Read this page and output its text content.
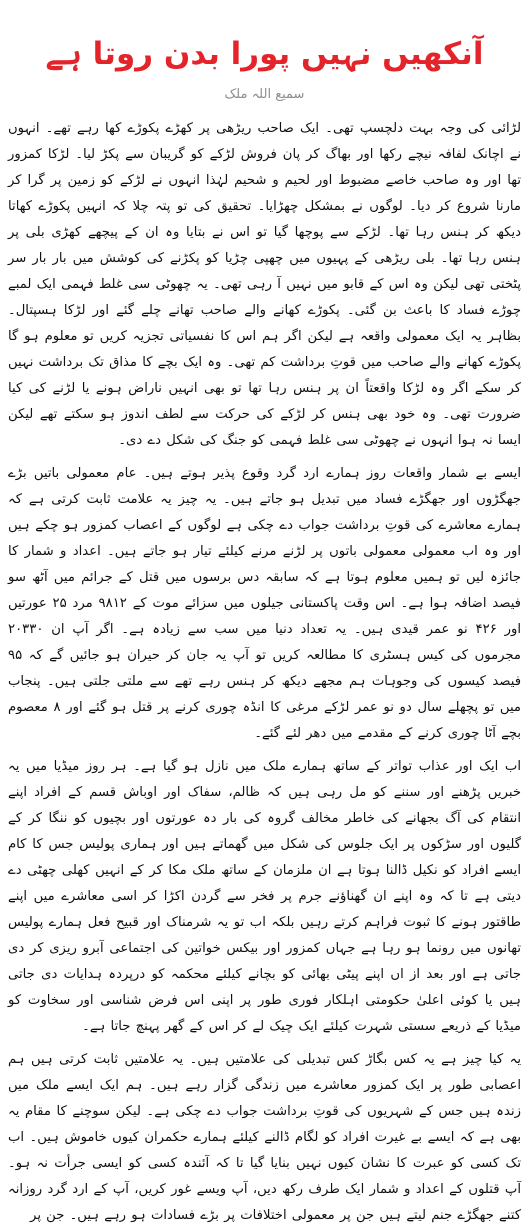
آنکھیں نہیں پورا بدن روتا ہے
سمیع اللہ ملک

لڑائی کی وجہ بہت دلچسپ تھی۔ ایک صاحب ریڑھی پر کھڑے پکوڑے کھا رہے تھے۔ انہوں نے اچانک لفافہ نیچے رکھا اور بھاگ کر پان فروش لڑکے کو گریبان سے پکڑ لیا۔ لڑکا کمزور تھا اور وہ صاحب خاصے مضبوط اور لحیم و شحیم لہٰذا انہوں نے لڑکے کو زمین پر گرا کر مارنا شروع کر دیا۔ لوگوں نے بمشکل چھڑایا۔ تحقیق کی تو پتہ چلا کہ انہیں پکوڑے کھاتا دیکھ کر ہنس رہا تھا۔ لڑکے سے پوچھا گیا تو اس نے بتایا وہ ان کے پیچھے کھڑی بلی پر ہنس رہا تھا۔ بلی ریڑھی کے پہیوں میں چھپی چڑیا کو پکڑنے کی کوشش میں بار بار سر پٹختی تھی لیکن وہ اس کے قابو میں نہیں آ رہی تھی۔ یہ چھوٹی سی غلط فہمی ایک لمبے چوڑے فساد کا باعث بن گئی۔ پکوڑے کھانے والے صاحب تھانے چلے گئے اور لڑکا ہسپتال۔ بظاہر یہ ایک معمولی واقعہ ہے لیکن اگر ہم اس کا نفسیاتی تجزیہ کریں تو معلوم ہو گا پکوڑے کھانے والے صاحب میں قوتِ برداشت کم تھی۔ وہ ایک بچے کا مذاق تک برداشت نہیں کر سکے اگر وہ لڑکا واقعتاً ان پر ہنس رہا تھا تو بھی انہیں ناراض ہونے یا لڑنے کی کیا ضرورت تھی۔ وہ خود بھی ہنس کر لڑکے کی حرکت سے لطف اندوز ہو سکتے تھے لیکن ایسا نہ ہوا انہوں نے چھوٹی سی غلط فہمی کو جنگ کی شکل دے دی۔

ایسے بے شمار واقعات روز ہمارے ارد گرد وقوع پذیر ہوتے ہیں۔ عام معمولی باتیں بڑے جھگڑوں اور جھگڑے فساد میں تبدیل ہو جاتے ہیں۔ یہ چیز یہ علامت ثابت کرتی ہے کہ ہمارے معاشرے کی قوتِ برداشت جواب دے چکی ہے لوگوں کے اعصاب کمزور ہو چکے ہیں اور وہ اب معمولی معمولی باتوں پر لڑنے مرنے کیلئے تیار ہو جاتے ہیں۔ اعداد و شمار کا جائزہ لیں تو ہمیں معلوم ہوتا ہے کہ سابقہ دس برسوں میں قتل کے جرائم میں آٹھ سو فیصد اضافہ ہوا ہے۔ اس وقت پاکستانی جیلوں میں سزائے موت کے ۹۸۱۲ مرد ۲۵ عورتیں اور ۴۲۶ نو عمر قیدی ہیں۔ یہ تعداد دنیا میں سب سے زیادہ ہے۔ اگر آپ ان ۲۰۳۳۰ مجرموں کی کیس ہسٹری کا مطالعہ کریں تو آپ یہ جان کر حیران ہو جائیں گے کہ ۹۵ فیصد کیسوں کی وجوہات ہم مجھے دیکھ کر ہنس رہے تھے سے ملتی جلتی ہیں۔ پنجاب میں تو پچھلے سال دو نو عمر لڑکے مرغی کا انڈہ چوری کرنے پر قتل ہو گئے اور ۸ معصوم بچے آٹا چوری کرنے کے مقدمے میں دھر لئے گئے۔

اب ایک اور عذاب تواتر کے ساتھ ہمارے ملک میں نازل ہو گیا ہے۔ ہر روز میڈیا میں یہ خبریں پڑھنے اور سننے کو مل رہی ہیں کہ ظالم، سفاک اور اوباش قسم کے افراد اپنے انتقام کی آگ بجھانے کی خاطر مخالف گروہ کی بار دہ عورتوں اور بچیوں کو ننگا کر کے گلیوں اور سڑکوں پر ایک جلوس کی شکل میں گھماتے ہیں اور ہماری پولیس جس کا کام ایسے افراد کو نکیل ڈالنا ہوتا ہے ان ملزمان کے ساتھ ملک مکا کر کے انہیں کھلی چھٹی دے دیتی ہے تا کہ وہ اپنے ان گھناؤنے جرم پر فخر سے گردن اکڑا کر اسی معاشرے میں اپنے طاقتور ہونے کا ثبوت فراہم کرتے رہیں بلکہ اب تو یہ شرمناک اور قبیح فعل ہمارے پولیس تھانوں میں رونما ہو رہا ہے جہاں کمزور اور بیکس خواتین کی اجتماعی آبرو ریزی کر دی جاتی ہے اور بعد از اں اپنے پیٹی بھائی کو بچانے کیلئے محکمہ کو درپردہ ہدایات دی جاتی ہیں یا کوئی اعلیٰ حکومتی اہلکار فوری طور پر اپنی اس فرض شناسی اور سخاوت کو میڈیا کے ذریعے سستی شہرت کیلئے ایک چیک لے کر اس کے گھر پہنچ جاتا ہے۔

یہ کیا چیز ہے یہ کس بگاڑ کس تبدیلی کی علامتیں ہیں۔ یہ علامتیں ثابت کرتی ہیں ہم اعصابی طور پر ایک کمزور معاشرے میں زندگی گزار رہے ہیں۔ ہم ایک ایسے ملک میں زندہ ہیں جس کے شہریوں کی قوتِ برداشت جواب دے چکی ہے۔ لیکن سوچنے کا مقام یہ بھی ہے کہ ایسے بے غیرت افراد کو لگام ڈالنے کیلئے ہمارے حکمران کیوں خاموش ہیں۔ اب تک کسی کو عبرت کا نشان کیوں نہیں بنایا گیا تا کہ آئندہ کسی کو ایسی جرأت نہ ہو۔ آپ قتلوں کے اعداد و شمار ایک طرف رکھ دیں، آپ ویسے غور کریں، آپ کے ارد گرد روزانہ کتنے جھگڑے جنم لیتے ہیں جن پر معمولی اختلافات پر بڑے فسادات ہو رہے ہیں۔ جن پر
